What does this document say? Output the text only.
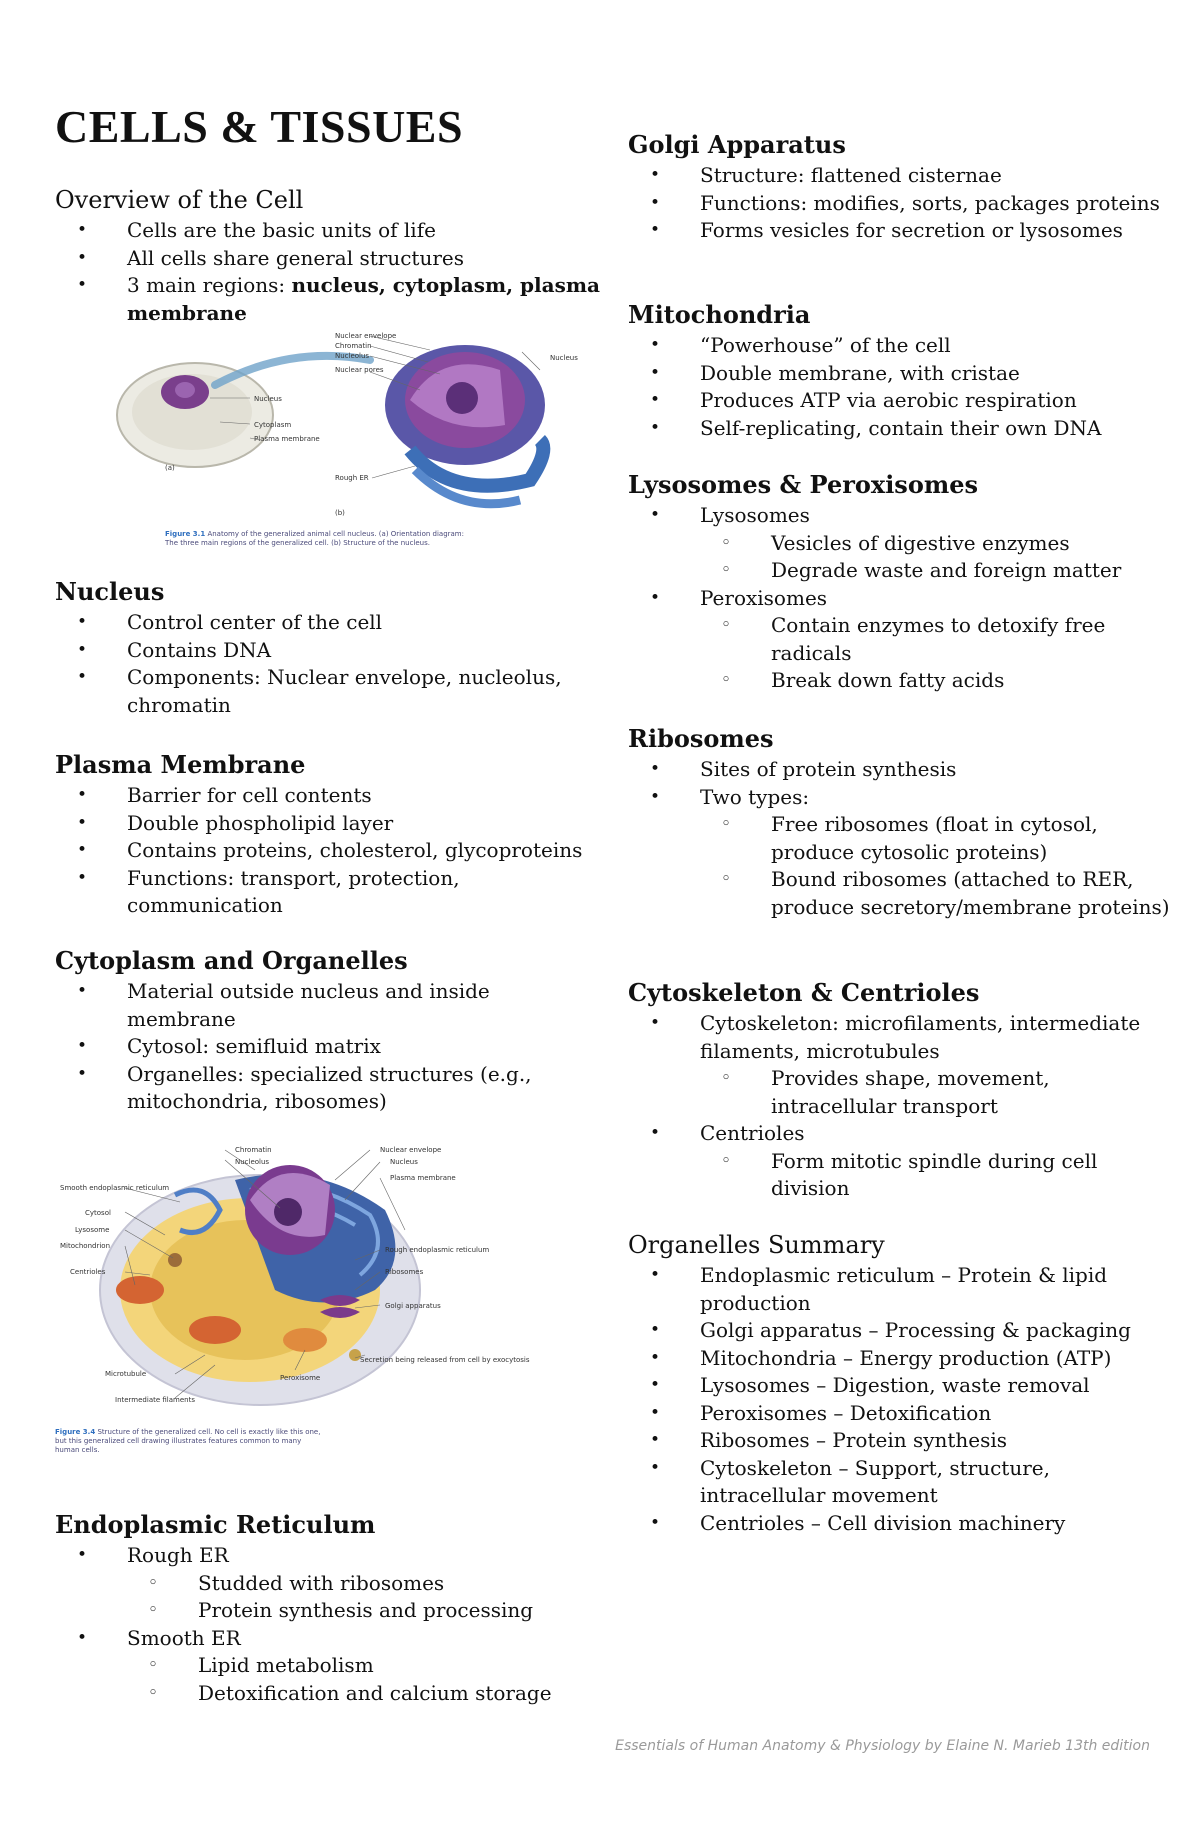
CELLS & TISSUES
Overview of the Cell
• Cells are the basic units of life
• All cells share general structures
• 3 main regions: nucleus, cytoplasm, plasma membrane
Nuclear envelope
Chromatin
Nucleolus
Nuclear pores
Nucleus
Nucleus
Cytoplasm
Plasma membrane
Rough ER
(a)
(b)
Figure 3.1 Anatomy of the generalized animal cell nucleus. (a) Orientation diagram: The three main regions of the generalized cell. (b) Structure of the nucleus.
Nucleus
• Control center of the cell
• Contains DNA
• Components: Nuclear envelope, nucleolus, chromatin
Plasma Membrane
• Barrier for cell contents
• Double phospholipid layer
• Contains proteins, cholesterol, glycoproteins
• Functions: transport, protection, communication
Cytoplasm and Organelles
• Material outside nucleus and inside membrane
• Cytosol: semifluid matrix
• Organelles: specialized structures (e.g., mitochondria, ribosomes)
Chromatin
Nucleolus
Smooth endoplasmic reticulum
Cytosol
Lysosome
Mitochondrion
Centrioles
Microtubule
Intermediate filaments
Nuclear envelope
Nucleus
Plasma membrane
Rough endoplasmic reticulum
Ribosomes
Golgi apparatus
Secretion being released from cell by exocytosis
Peroxisome
Figure 3.4 Structure of the generalized cell. No cell is exactly like this one, but this generalized cell drawing illustrates features common to many human cells.
Endoplasmic Reticulum
• Rough ER
◦ Studded with ribosomes
◦ Protein synthesis and processing
• Smooth ER
◦ Lipid metabolism
◦ Detoxification and calcium storage
Golgi Apparatus
• Structure: flattened cisternae
• Functions: modifies, sorts, packages proteins
• Forms vesicles for secretion or lysosomes
Mitochondria
• “Powerhouse” of the cell
• Double membrane, with cristae
• Produces ATP via aerobic respiration
• Self-replicating, contain their own DNA
Lysosomes & Peroxisomes
• Lysosomes
◦ Vesicles of digestive enzymes
◦ Degrade waste and foreign matter
• Peroxisomes
◦ Contain enzymes to detoxify free radicals
◦ Break down fatty acids
Ribosomes
• Sites of protein synthesis
• Two types:
◦ Free ribosomes (float in cytosol, produce cytosolic proteins)
◦ Bound ribosomes (attached to RER, produce secretory/membrane proteins)
Cytoskeleton & Centrioles
• Cytoskeleton: microfilaments, intermediate filaments, microtubules
◦ Provides shape, movement, intracellular transport
• Centrioles
◦ Form mitotic spindle during cell division
Organelles Summary
• Endoplasmic reticulum – Protein & lipid production
• Golgi apparatus – Processing & packaging
• Mitochondria – Energy production (ATP)
• Lysosomes – Digestion, waste removal
• Peroxisomes – Detoxification
• Ribosomes – Protein synthesis
• Cytoskeleton – Support, structure, intracellular movement
• Centrioles – Cell division machinery
Essentials of Human Anatomy & Physiology by Elaine N. Marieb 13th edition
